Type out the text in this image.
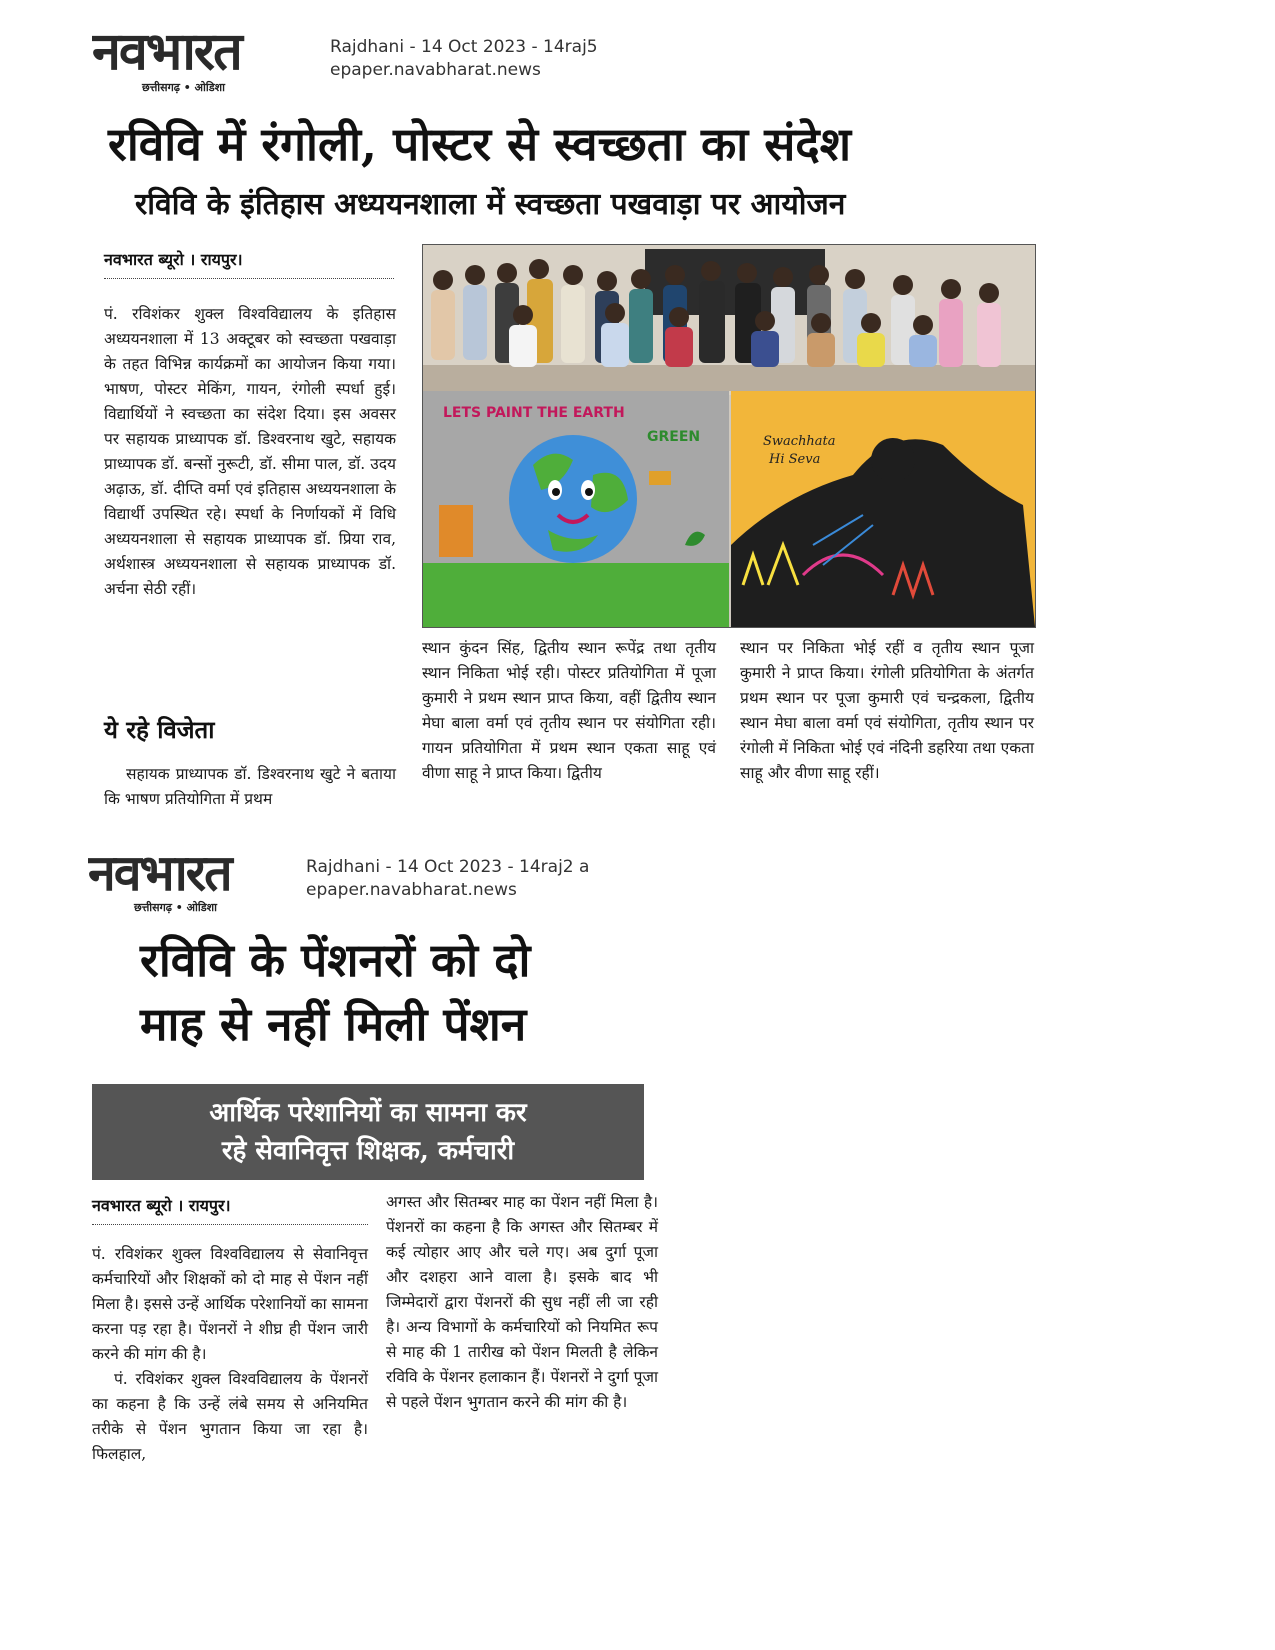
नवभारत
छत्तीसगढ़ • ओडिशा
Rajdhani - 14 Oct 2023 - 14raj5
epaper.navabharat.news
रविवि में रंगोली, पोस्टर से स्वच्छता का संदेश
रविवि के इंतिहास अध्ययनशाला में स्वच्छता पखवाड़ा पर आयोजन
नवभारत ब्यूरो । रायपुर।

पं. रविशंकर शुक्ल विश्वविद्यालय के इतिहास अध्ययनशाला में 13 अक्टूबर को स्वच्छता पखवाड़ा के तहत विभिन्न कार्यक्रमों का आयोजन किया गया। भाषण, पोस्टर मेकिंग, गायन, रंगोली स्पर्धा हुई। विद्यार्थियों ने स्वच्छता का संदेश दिया। इस अवसर पर सहायक प्राध्यापक डॉ. डिश्वरनाथ खुटे, सहायक प्राध्यापक डॉ. बन्सों नुरूटी, डॉ. सीमा पाल, डॉ. उदय अढ़ाऊ, डॉ. दीप्ति वर्मा एवं इतिहास अध्ययनशाला के विद्यार्थी उपस्थित रहे। स्पर्धा के निर्णायकों में विधि अध्ययनशाला से सहायक प्राध्यापक डॉ. प्रिया राव, अर्थशास्त्र अध्ययनशाला से सहायक प्राध्यापक डॉ. अर्चना सेठी रहीं।

ये रहे विजेता

सहायक प्राध्यापक डॉ. डिश्वरनाथ खुटे ने बताया कि भाषण प्रतियोगिता में प्रथम

LETS PAINT THE EARTH
GREEN	Swachhata
Hi Seva

स्थान कुंदन सिंह, द्वितीय स्थान रूपेंद्र तथा तृतीय स्थान निकिता भोई रही। पोस्टर प्रतियोगिता में पूजा कुमारी ने प्रथम स्थान प्राप्त किया, वहीं द्वितीय स्थान मेघा बाला वर्मा एवं तृतीय स्थान पर संयोगिता रही। गायन प्रतियोगिता में प्रथम स्थान एकता साहू एवं वीणा साहू ने प्राप्त किया। द्वितीय

स्थान पर निकिता भोई रहीं व तृतीय स्थान पूजा कुमारी ने प्राप्त किया। रंगोली प्रतियोगिता के अंतर्गत प्रथम स्थान पर पूजा कुमारी एवं चन्द्रकला, द्वितीय स्थान मेघा बाला वर्मा एवं संयोगिता, तृतीय स्थान पर रंगोली में निकिता भोई एवं नंदिनी डहरिया तथा एकता साहू और वीणा साहू रहीं।

नवभारत
छत्तीसगढ़ • ओडिशा
Rajdhani - 14 Oct 2023 - 14raj2 a
epaper.navabharat.news
रविवि के पेंशनरों को दो
माह से नहीं मिली पेंशन
आर्थिक परेशानियों का सामना कर
रहे सेवानिवृत्त शिक्षक, कर्मचारी
नवभारत ब्यूरो । रायपुर।

पं. रविशंकर शुक्ल विश्वविद्यालय से सेवानिवृत्त कर्मचारियों और शिक्षकों को दो माह से पेंशन नहीं मिला है। इससे उन्हें आर्थिक परेशानियों का सामना करना पड़ रहा है। पेंशनरों ने शीघ्र ही पेंशन जारी करने की मांग की है।

पं. रविशंकर शुक्ल विश्वविद्यालय के पेंशनरों का कहना है कि उन्हें लंबे समय से अनियमित तरीके से पेंशन भुगतान किया जा रहा है। फिलहाल,

अगस्त और सितम्बर माह का पेंशन नहीं मिला है। पेंशनरों का कहना है कि अगस्त और सितम्बर में कई त्योहार आए और चले गए। अब दुर्गा पूजा और दशहरा आने वाला है। इसके बाद भी जिम्मेदारों द्वारा पेंशनरों की सुध नहीं ली जा रही है। अन्य विभागों के कर्मचारियों को नियमित रूप से माह की 1 तारीख को पेंशन मिलती है लेकिन रविवि के पेंशनर हलाकान हैं। पेंशनरों ने दुर्गा पूजा से पहले पेंशन भुगतान करने की मांग की है।
